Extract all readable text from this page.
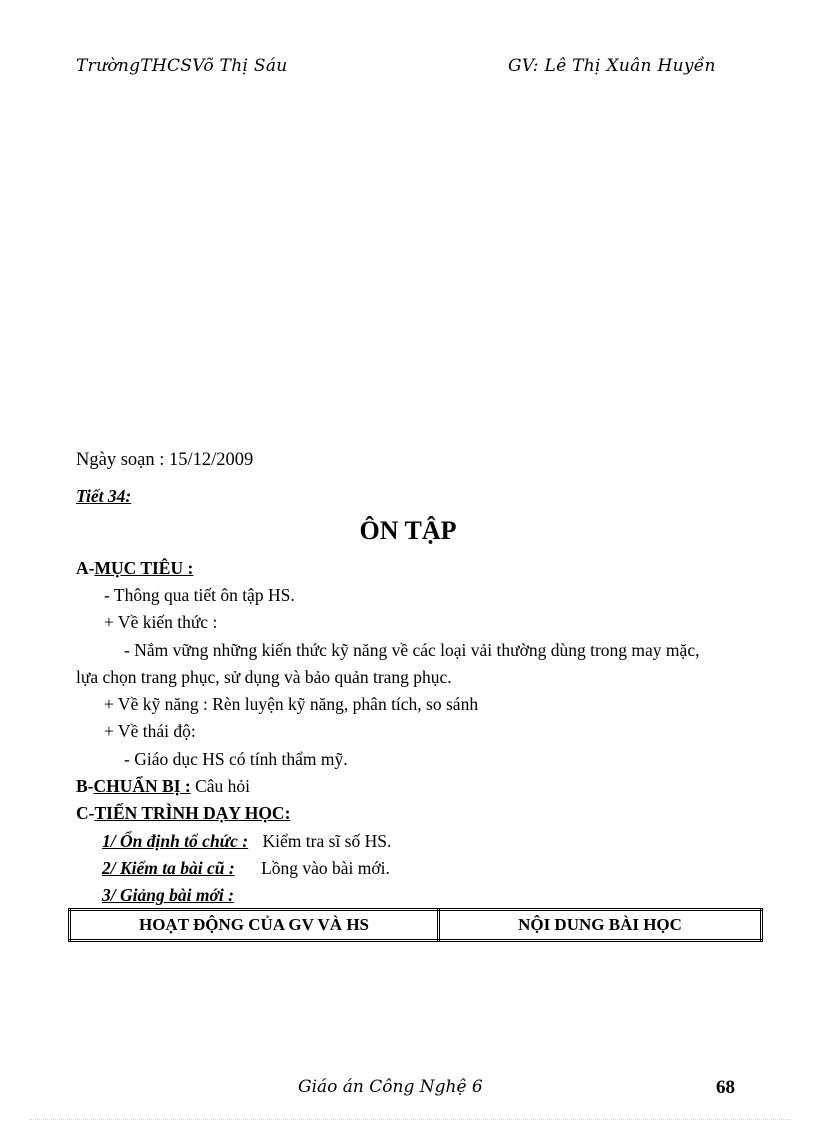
TrườngTHCSVõ Thị Sáu	GV: Lê Thị Xuân Huyền
Ngày soạn : 15/12/2009
Tiết 34:
ÔN TẬP
A-MỤC TIÊU :
- Thông qua tiết ôn tập HS.
+ Về kiến thức :
- Nắm vững những kiến thức kỹ năng về các loại vải thường dùng trong may mặc,
lựa chọn trang phục, sử dụng và bảo quản trang phục.
+ Về kỹ năng : Rèn luyện kỹ năng, phân tích, so sánh
+ Về thái độ:
- Giáo dục HS có tính thẩm mỹ.
B-CHUẨN BỊ : Câu hỏi
C-TIẾN TRÌNH DẠY HỌC:
1/ Ổn định tổ chức : Kiểm tra sĩ số HS.
2/ Kiểm ta bài cũ : Lồng vào bài mới.
3/ Giảng bài mới :
HOẠT ĐỘNG CỦA GV VÀ HS	NỘI DUNG BÀI HỌC
Giáo án Công Nghệ 6	68
